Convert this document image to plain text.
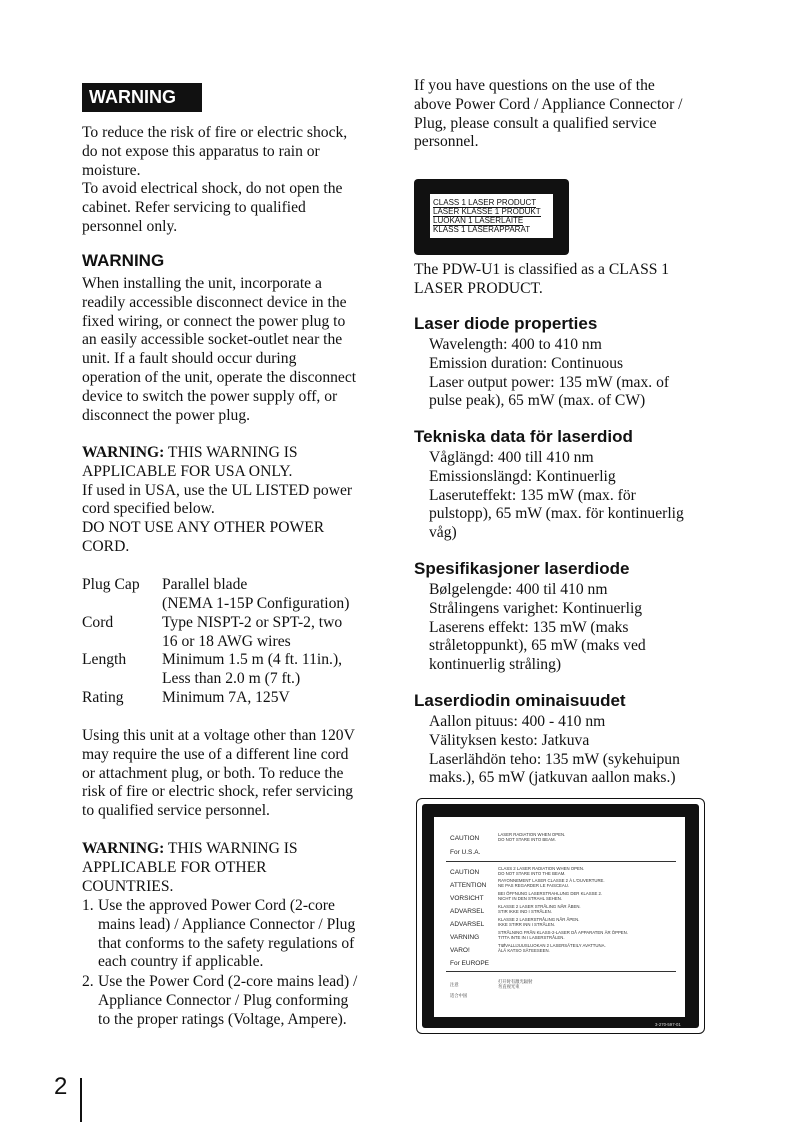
WARNING

To reduce the risk of fire or electric shock,
do not expose this apparatus to rain or
moisture.
To avoid electrical shock, do not open the
cabinet. Refer servicing to qualified
personnel only.

WARNING

When installing the unit, incorporate a
readily accessible disconnect device in the
fixed wiring, or connect the power plug to
an easily accessible socket-outlet near the
unit. If a fault should occur during
operation of the unit, operate the disconnect
device to switch the power supply off, or
disconnect the power plug.

WARNING: THIS WARNING IS
APPLICABLE FOR USA ONLY.
If used in USA, use the UL LISTED power
cord specified below.
DO NOT USE ANY OTHER POWER
CORD.
Plug Cap Parallel blade
(NEMA 1-15P Configuration)
Cord	Type NISPT-2 or SPT-2, two
16 or 18 AWG wires
Length Minimum 1.5 m (4 ft. 11in.),
Less than 2.0 m (7 ft.)
Rating Minimum 7A, 125V

Using this unit at a voltage other than 120V
may require the use of a different line cord
or attachment plug, or both. To reduce the
risk of fire or electric shock, refer servicing
to qualified service personnel.

WARNING: THIS WARNING IS
APPLICABLE FOR OTHER
COUNTRIES.
1. Use the approved Power Cord (2-core
mains lead) / Appliance Connector / Plug
that conforms to the safety regulations of
each country if applicable.
2. Use the Power Cord (2-core mains lead) /
Appliance Connector / Plug conforming
to the proper ratings (Voltage, Ampere).

If you have questions on the use of the
above Power Cord / Appliance Connector /
Plug, please consult a qualified service
personnel.

CLASS 1 LASER PRODUCT
LASER KLASSE 1 PRODUKT
LUOKAN 1 LASERLAITE
KLASS 1 LASERAPPARAT

The PDW-U1 is classified as a CLASS 1
LASER PRODUCT.

Laser diode properties

Wavelength: 400 to 410 nm
Emission duration: Continuous
Laser output power: 135 mW (max. of
pulse peak), 65 mW (max. of CW)

Tekniska data för laserdiod

Våglängd: 400 till 410 nm
Emissionslängd: Kontinuerlig
Laseruteffekt: 135 mW (max. för
pulstopp), 65 mW (max. för kontinuerlig
våg)

Spesifikasjoner laserdiode

Bølgelengde: 400 til 410 nm
Strålingens varighet: Kontinuerlig
Laserens effekt: 135 mW (maks
stråletoppunkt), 65 mW (maks ved
kontinuerlig stråling)

Laserdiodin ominaisuudet

Aallon pituus: 400 - 410 nm
Välityksen kesto: Jatkuva
Laserlähdön teho: 135 mW (sykehuipun
maks.), 65 mW (jatkuvan aallon maks.)

CAUTION
LASER RADIATION WHEN OPEN.
DO NOT STARE INTO BEAM.
For U.S.A.
CAUTION
CLASS 2 LASER RADIATION WHEN OPEN.
DO NOT STARE INTO THE BEAM.
ATTENTION
RAYONNEMENT LASER CLASSE 2 À L'OUVERTURE.
NE PAS REGARDER LE FAISCEAU.
VORSICHT
BEI ÖFFNUNG LASERSTRAHLUNG DER KLASSE 2.
NICHT IN DEN STRAHL SEHEN.
ADVARSEL
KLASSE 2 LASER STRÅLING NÅR ÅBEN.
STIR IKKE IND I STRÅLEN.
ADVARSEL
KLASSE 2 LASERSTRÅLING NÅR ÅPEN.
IKKE STIRR INN I STRÅLEN.
VARNING
STRÅLNING FRÅN KLASS-2-LASER DÅ APPARATEN ÄR ÖPPEN.
TITTA INTE IN I LASERSTRÅLEN.
VARO!
TIØVALLIJUUSLUOKAN 2 LASERSÄTEILY AVATTUNA.
ÄLÄ KATSO SÄTEESEEN.
For EUROPE
注意
打开时有激光辐射
勿直视光束
适合中国
3-270-597-01
2
